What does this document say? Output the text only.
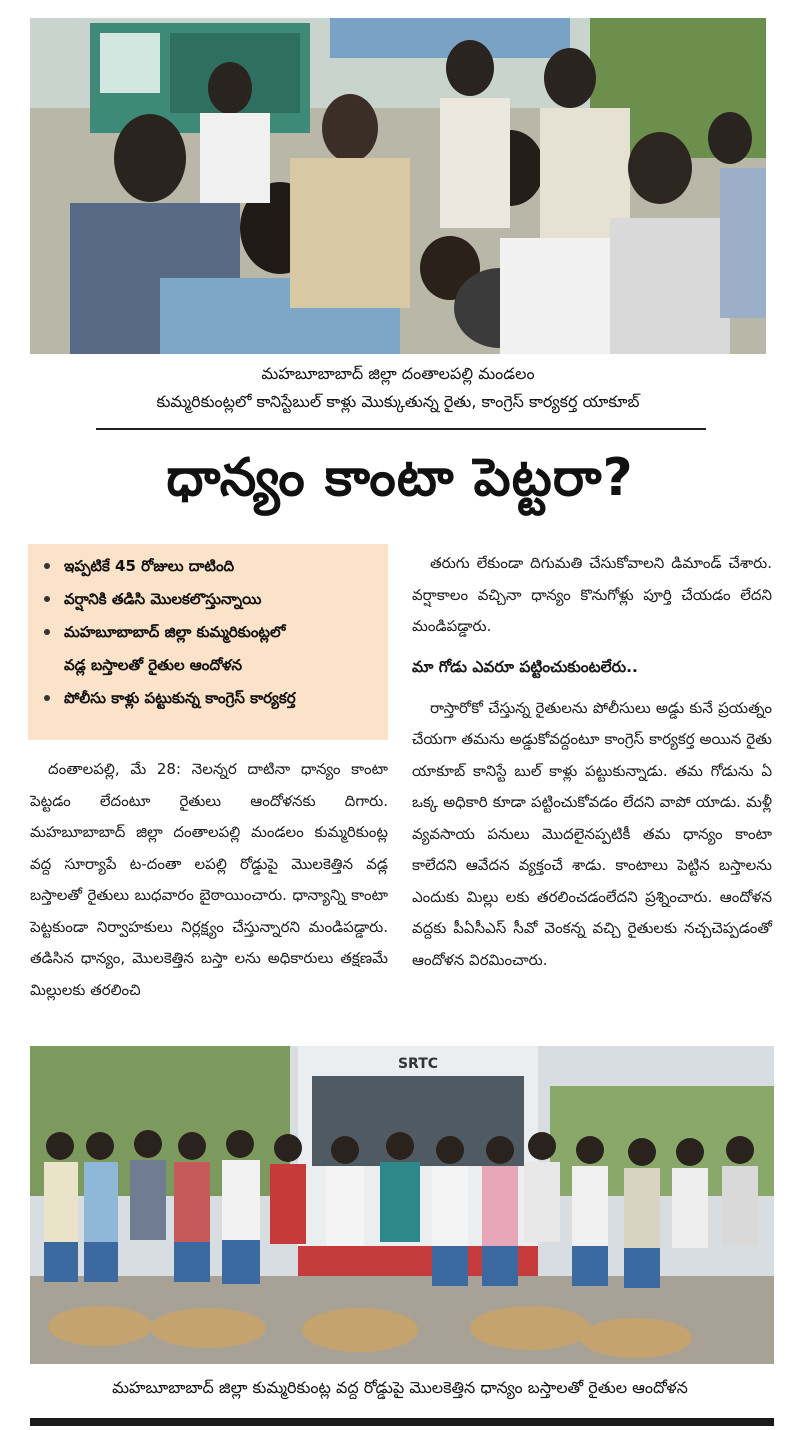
మహబూబాబాద్ జిల్లా దంతాలపల్లి మండలం
కుమ్మరికుంట్లలో కానిస్టేబుల్ కాళ్లు మొక్కుతున్న రైతు, కాంగ్రెస్ కార్యకర్త యాకూబ్
ధాన్యం కాంటా పెట్టరా?
ఇప్పటికే 45 రోజులు దాటింది
వర్షానికి తడిసి మొలకలొస్తున్నాయి
మహబూబాబాద్ జిల్లా కుమ్మరికుంట్లలో
వడ్ల బస్తాలతో రైతుల ఆందోళన
పోలీసు కాళ్లు పట్టుకున్న కాంగ్రెస్ కార్యకర్త

దంతాలపల్లి, మే 28: నెలన్నర దాటినా ధాన్యం కాంటా పెట్టడం లేదంటూ రైతులు ఆందోళనకు దిగారు. మహబూబాబాద్ జిల్లా దంతాలపల్లి మండలం కుమ్మరికుంట్ల వద్ద సూర్యాపే ట-దంతా లపల్లి రోడ్డుపై మొలకెత్తిన వడ్ల బస్తాలతో రైతులు బుధవారం బైఠాయించారు. ధాన్యాన్ని కాంటా పెట్టకుండా నిర్వాహకులు నిర్లక్ష్యం చేస్తున్నారని మండిపడ్డారు. తడిసిన ధాన్యం, మొలకెత్తిన బస్తా లను అధికారులు తక్షణమే మిల్లులకు తరలించి

తరుగు లేకుండా దిగుమతి చేసుకోవాలని డిమాండ్ చేశారు. వర్షాకాలం వచ్చినా ధాన్యం కొనుగోళ్లు పూర్తి చేయడం లేదని మండిపడ్డారు.

మా గోడు ఎవరూ పట్టించుకుంటలేరు..

రాస్తారోకో చేస్తున్న రైతులను పోలీసులు అడ్డు కునే ప్రయత్నం చేయగా తమను అడ్డుకోవద్దంటూ కాంగ్రెస్ కార్యకర్త అయిన రైతు యాకూబ్ కానిస్టే బుల్ కాళ్లు పట్టుకున్నాడు. తమ గోడును ఏ ఒక్క అధికారి కూడా పట్టించుకోవడం లేదని వాపో యాడు. మళ్లీ వ్యవసాయ పనులు మొదలైనప్పటికీ తమ ధాన్యం కాంటా కాలేదని ఆవేదన వ్యక్తంచే శాడు. కాంటాలు పెట్టిన బస్తాలను ఎందుకు మిల్లు లకు తరలించడంలేదని ప్రశ్నించారు. ఆందోళన వద్దకు పీఏసీఎస్ సీవో వెంకన్న వచ్చి రైతులకు నచ్చచెప్పడంతో ఆందోళన విరమించారు.

SRTC
మహబూబాబాద్ జిల్లా కుమ్మరికుంట్ల వద్ద రోడ్డుపై మొలకెత్తిన ధాన్యం బస్తాలతో రైతుల ఆందోళన
